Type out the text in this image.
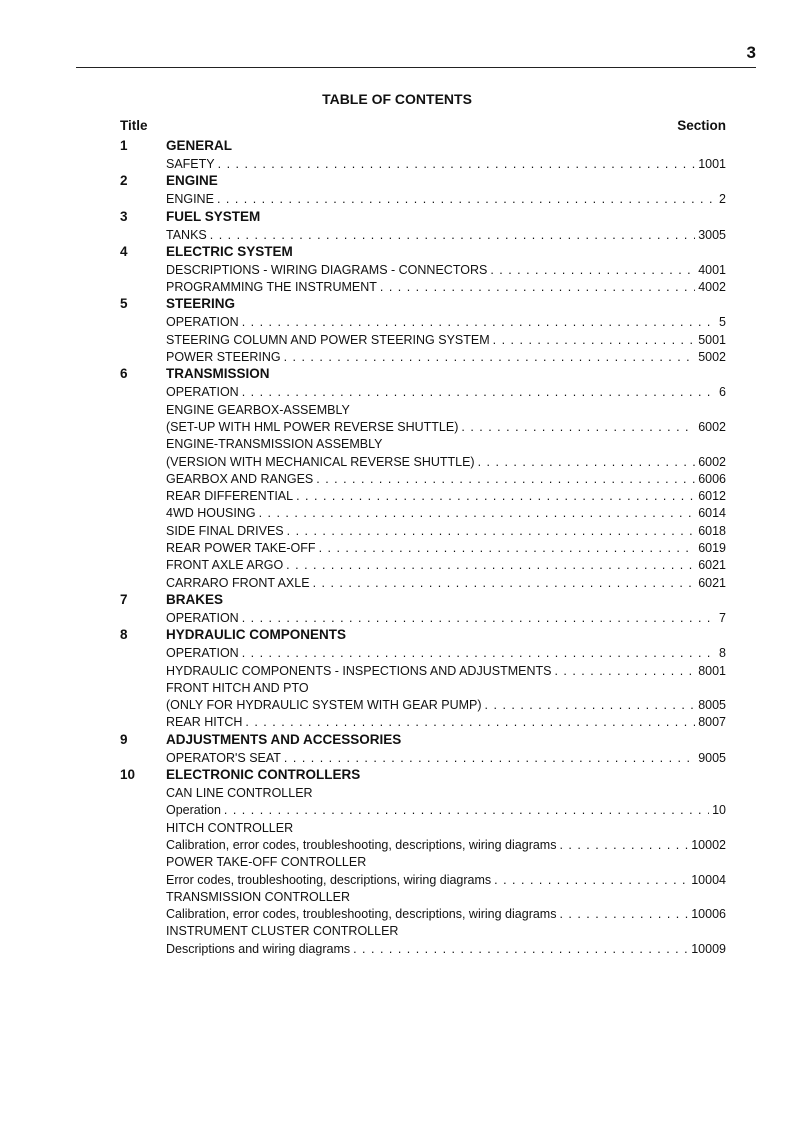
3
TABLE OF CONTENTS
Title	Section
1	GENERAL
SAFETY . . .	1001
2	ENGINE
ENGINE . . .	2
3	FUEL SYSTEM
TANKS . . .	3005
4	ELECTRIC SYSTEM
DESCRIPTIONS - WIRING DIAGRAMS - CONNECTORS . . .	4001
PROGRAMMING THE INSTRUMENT . . .	4002
5	STEERING
OPERATION . . .	5
STEERING COLUMN AND POWER STEERING SYSTEM . . .	5001
POWER STEERING . . .	5002
6	TRANSMISSION
OPERATION . . .	6
ENGINE GEARBOX-ASSEMBLY
(SET-UP WITH HML POWER REVERSE SHUTTLE) . . .	6002
ENGINE-TRANSMISSION ASSEMBLY
(VERSION WITH MECHANICAL REVERSE SHUTTLE) . . .	6002
GEARBOX AND RANGES . . .	6006
REAR DIFFERENTIAL . . .	6012
4WD HOUSING . . .	6014
SIDE FINAL DRIVES . . .	6018
REAR POWER TAKE-OFF . . .	6019
FRONT AXLE ARGO . . .	6021
CARRARO FRONT AXLE . . .	6021
7	BRAKES
OPERATION . . .	7
8	HYDRAULIC COMPONENTS
OPERATION . . .	8
HYDRAULIC COMPONENTS - INSPECTIONS AND ADJUSTMENTS . . .	8001
FRONT HITCH AND PTO
(ONLY FOR HYDRAULIC SYSTEM WITH GEAR PUMP) . . .	8005
REAR HITCH . . .	8007
9	ADJUSTMENTS AND ACCESSORIES
OPERATOR'S SEAT . . .	9005
10 ELECTRONIC CONTROLLERS
CAN LINE CONTROLLER
Operation . . .	10
HITCH CONTROLLER
Calibration, error codes, troubleshooting, descriptions, wiring diagrams . . .	10002
POWER TAKE-OFF CONTROLLER
Error codes, troubleshooting, descriptions, wiring diagrams . . .	10004
TRANSMISSION CONTROLLER
Calibration, error codes, troubleshooting, descriptions, wiring diagrams . . .	10006
INSTRUMENT CLUSTER CONTROLLER
Descriptions and wiring diagrams . . .	10009
